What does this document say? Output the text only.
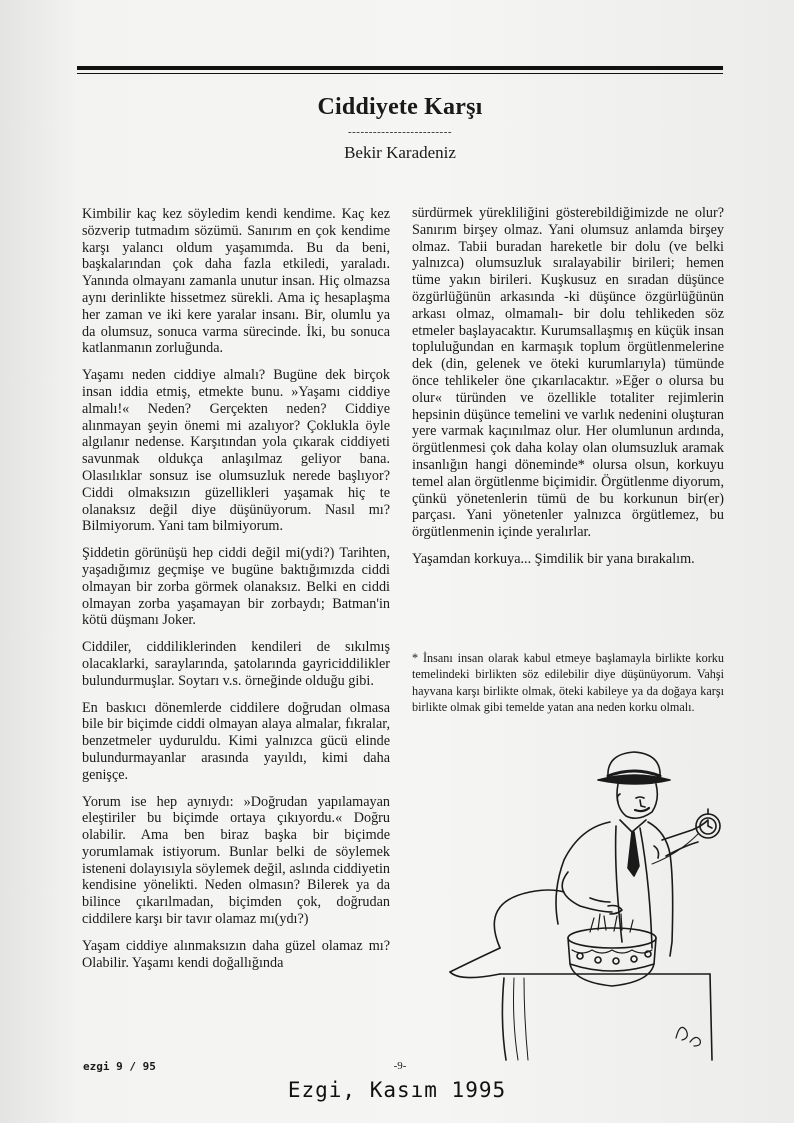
Ciddiyete Karşı
-------------------------
Bekir Karadeniz

Kimbilir kaç kez söyledim kendi kendime. Kaç kez sözverip tutmadım sözümü. Sanırım en çok kendime karşı yalancı oldum yaşamımda. Bu da beni, başkalarından çok daha fazla etkiledi, yaraladı. Yanında olmayanı zamanla unutur insan. Hiç olmazsa aynı derinlikte hissetmez sürekli. Ama iç hesaplaşma her zaman ve iki kere yaralar insanı. Bir, olumlu ya da olumsuz, sonuca varma sürecinde. İki, bu sonuca katlanmanın zorluğunda.

Yaşamı neden ciddiye almalı? Bugüne dek birçok insan iddia etmiş, etmekte bunu. »Yaşamı ciddiye almalı!« Neden? Gerçekten neden? Ciddiye alınmayan şeyin önemi mi azalıyor? Çoklukla öyle algılanır nedense. Karşıtından yola çıkarak ciddiyeti savunmak oldukça anlaşılmaz geliyor bana. Olasılıklar sonsuz ise olumsuzluk nerede başlıyor? Ciddi olmaksızın güzellikleri yaşamak hiç te olanaksız değil diye düşünüyorum. Nasıl mı? Bilmiyorum. Yani tam bilmiyorum.

Şiddetin görünüşü hep ciddi değil mi(ydi?) Tarihten, yaşadığımız geçmişe ve bugüne baktığımızda ciddi olmayan bir zorba görmek olanaksız. Belki en ciddi olmayan zorba yaşamayan bir zorbaydı; Batman'in kötü düşmanı Joker.

Ciddiler, ciddiliklerinden kendileri de sıkılmış olacaklarki, saraylarında, şatolarında gayriciddilikler bulundurmuşlar. Soytarı v.s. örneğinde olduğu gibi.

En baskıcı dönemlerde ciddilere doğrudan olmasa bile bir biçimde ciddi olmayan alaya almalar, fıkralar, benzetmeler uyduruldu. Kimi yalnızca gücü elinde bulundurmayanlar arasında yayıldı, kimi daha genişçe.

Yorum ise hep aynıydı: »Doğrudan yapılamayan eleştiriler bu biçimde ortaya çıkıyordu.« Doğru olabilir. Ama ben biraz başka bir biçimde yorumlamak istiyorum. Bunlar belki de söylemek isteneni dolayısıyla söylemek değil, aslında ciddiyetin kendisine yönelikti. Neden olmasın? Bilerek ya da bilince çıkarılmadan, biçimden çok, doğrudan ciddilere karşı bir tavır olamaz mı(ydı?)

Yaşam ciddiye alınmaksızın daha güzel olamaz mı? Olabilir. Yaşamı kendi doğallığında

sürdürmek yürekliliğini gösterebildiğimizde ne olur? Sanırım birşey olmaz. Yani olumsuz anlamda birşey olmaz. Tabii buradan hareketle bir dolu (ve belki yalnızca) olumsuzluk sıralayabilir birileri; hemen tüme yakın birileri. Kuşkusuz en sıradan düşünce özgürlüğünün arkasında -ki düşünce özgürlüğünün arkası olmaz, olmamalı- bir dolu tehlikeden söz etmeler başlayacaktır. Kurumsallaşmış en küçük insan topluluğundan en karmaşık toplum örgütlenmelerine dek (din, gelenek ve öteki kurumlarıyla) tümünde önce tehlikeler öne çıkarılacaktır. »Eğer o olursa bu olur« türünden ve özellikle totaliter rejimlerin hepsinin düşünce temelini ve varlık nedenini oluşturan yere varmak kaçınılmaz olur. Her olumlunun ardında, örgütlenmesi çok daha kolay olan olumsuzluk aramak insanlığın hangi döneminde* olursa olsun, korkuyu temel alan örgütlenme biçimidir. Örgütlenme diyorum, çünkü yönetenlerin tümü de bu korkunun bir(er) parçası. Yani yönetenler yalnızca örgütlemez, bu örgütlenmenin içinde yeralırlar.

Yaşamdan korkuya... Şimdilik bir yana bırakalım.

* İnsanı insan olarak kabul etmeye başlamayla birlikte korku temelindeki birlikten söz edilebilir diye düşünüyorum. Vahşi hayvana karşı birlikte olmak, öteki kabileye ya da doğaya karşı birlikte olmak gibi temelde yatan ana neden korku olmalı.
ezgi 9 / 95	-9-
Ezgi, Kasım 1995
